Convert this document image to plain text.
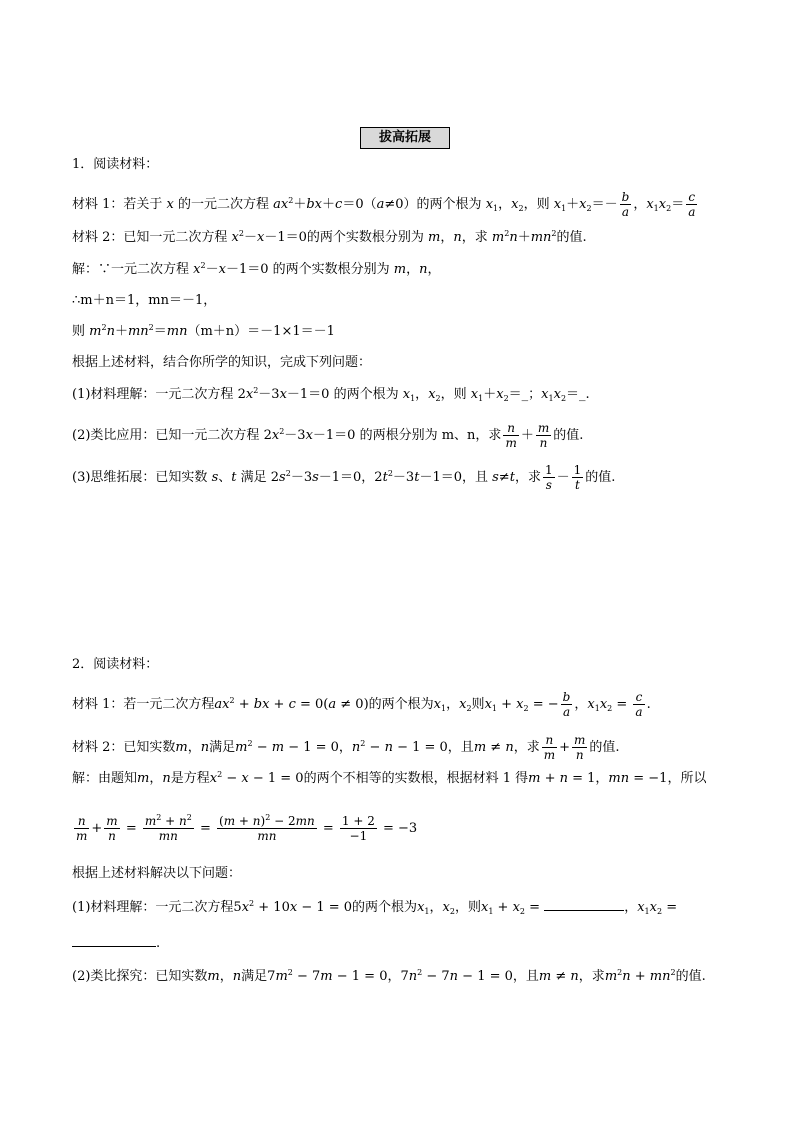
拔高拓展
1．阅读材料：
材料 1：若关于 x 的一元二次方程 $ax^2+bx+c=0(a\ne 0)$的两个根为 $x_1$，$x_2$，则 $x_1+x_2=- \frac{b}{a}$ ，$x_1x_2= \frac{c}{a}$
材料 2：已知一元二次方程 $x^2-x-1=0$的两个实数根分别为 m，n，求 $m^2n+mn^2$的值.
解：∵一元二次方程 $x^2-x-1=0$ 的两个实数根分别为 m，n，
∴m＋n＝1，mn＝－1，
则 $m^2n+mn^2=mn(m+n)=-1\times 1=-1$
根据上述材料，结合你所学的知识，完成下列问题：
(1)材料理解：一元二次方程 $2x^2-3x-1=0$ 的两个根为 $x_1$，$x_2$，则 $x_1+x_2=\_$；$x_1x_2=\_$.
(2)类比应用：已知一元二次方程 $2x^2-3x-1=0$ 的两根分别为 m、n，求 $\frac{n}{m} + \frac{m}{n}$ 的值.
(3)思维拓展：已知实数 s、t 满足 $2s^2-3s-1=0$，$2t^2-3t-1=0$，且 s≠t，求 $\frac{1}{s} - \frac{1}{t}$ 的值.
2．阅读材料：
材料 1：若一元二次方程$ax^2$ + bx + c = 0(a ≠ 0)的两个根为$x_1$，$x_2$则$x_1 + x_2$ = − $\frac{b}{a}$ ，$x_1x_2 = \frac{c}{a}$ .
材料 2：已知实数m，n满足$m^2 - m - 1 = 0$，$n^2 - n - 1 = 0$，且m ≠ n，求 $\frac{n}{m} + \frac{m}{n}$ 的值.
解：由题知m，n是方程$x^2 - x - 1 = 0$的两个不相等的实数根，根据材料 1 得m + n = 1，mn = −1，所以
$\frac{n}{m} + \frac{m}{n} = \frac{m^2 + n^2}{mn} = \frac{(m + n)^2 - 2mn}{mn} = \frac{1 + 2}{-1} = -3$
根据上述材料解决以下问题：
(1)材料理解：一元二次方程$5x^2 + 10x - 1 = 0$的两个根为$x_1$，$x_2$，则$x_1 + x_2$ =	，$x_1x_2$ =
.
(2)类比探究：已知实数m，n满足$7m^2 - 7m - 1 = 0$，$7n^2 - 7n - 1 = 0$，且m ≠ n，求$m^2n + mn^2$的值.
